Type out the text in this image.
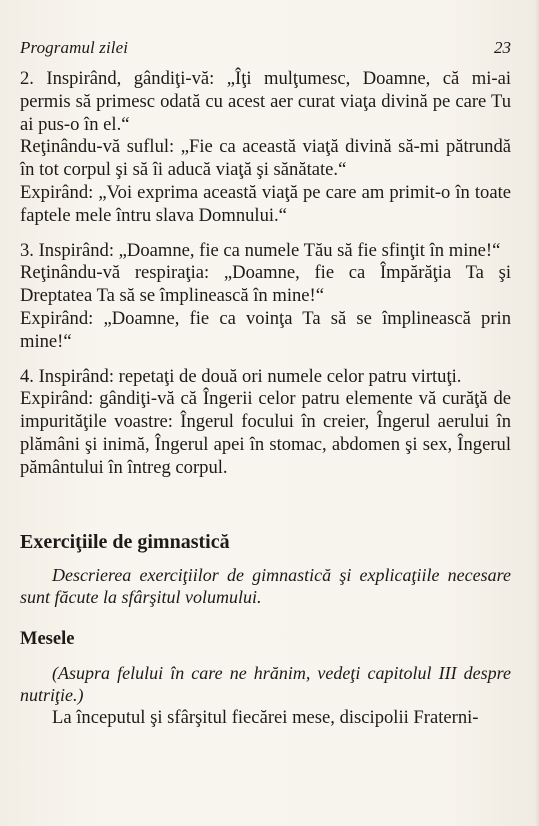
Programul zilei	23

2. Inspirând, gândiţi-vă: „Îţi mulţumesc, Doamne, că mi-ai permis să primesc odată cu acest aer curat viaţa divină pe care Tu ai pus-o în el.“

Reţinându-vă suflul: „Fie ca această viaţă divină să-mi pătrundă în tot corpul şi să îi aducă viaţă şi sănătate.“

Expirând: „Voi exprima această viaţă pe care am primit-o în toate faptele mele întru slava Domnului.“

3. Inspirând: „Doamne, fie ca numele Tău să fie sfinţit în mine!“

Reţinându-vă respiraţia: „Doamne, fie ca Împărăţia Ta şi Dreptatea Ta să se împlinească în mine!“

Expirând: „Doamne, fie ca voinţa Ta să se împlinească prin mine!“

4. Inspirând: repetaţi de două ori numele celor patru virtuţi.

Expirând: gândiţi-vă că Îngerii celor patru elemente vă curăţă de impurităţile voastre: Îngerul focului în creier, Îngerul aerului în plămâni şi inimă, Îngerul apei în stomac, abdomen şi sex, Îngerul pământului în întreg corpul.

Exerciţiile de gimnastică
Descrierea exerciţiilor de gimnastică şi explicaţiile necesare sunt făcute la sfârşitul volumului.
Mesele
(Asupra felului în care ne hrănim, vedeţi capitolul III despre nutriţie.)
La începutul şi sfârşitul fiecărei mese, discipolii Fraterni-
